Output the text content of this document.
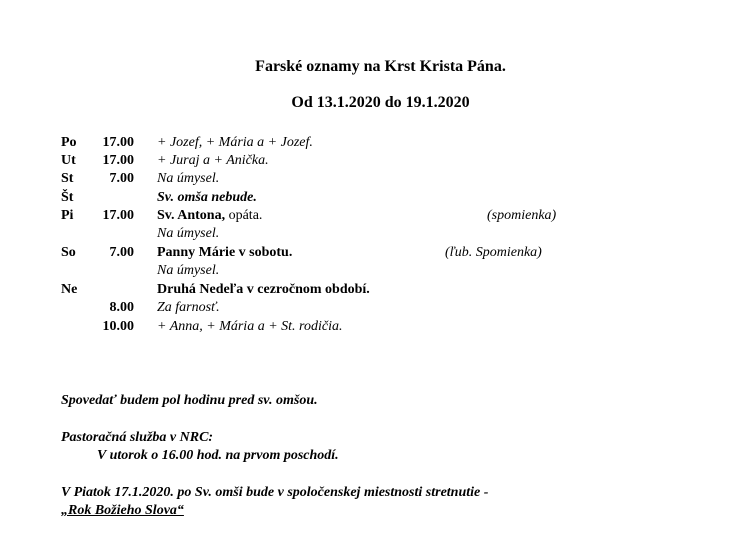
Farské oznamy na Krst Krista Pána.
Od 13.1.2020 do 19.1.2020
Po	17.00 + Jozef, + Mária a + Jozef.
Ut	17.00 + Juraj a + Anička.
St	7.00 Na úmysel.
Št	Sv. omša nebude.
Pi	17.00 Sv. Antona, opáta.	(spomienka)
Na úmysel.
So	7.00 Panny Márie v sobotu.	(ľub. Spomienka)
Na úmysel.
Ne	Druhá Nedeľa v cezročnom období.
8.00 Za farnosť.
10.00 + Anna, + Mária a + St. rodičia.
Spovedať budem pol hodinu pred sv. omšou.
Pastoračná služba v NRC:
V utorok o 16.00 hod. na prvom poschodí.
V Piatok 17.1.2020. po Sv. omši bude v spoločenskej miestnosti stretnutie -
„Rok Božieho Slova“
